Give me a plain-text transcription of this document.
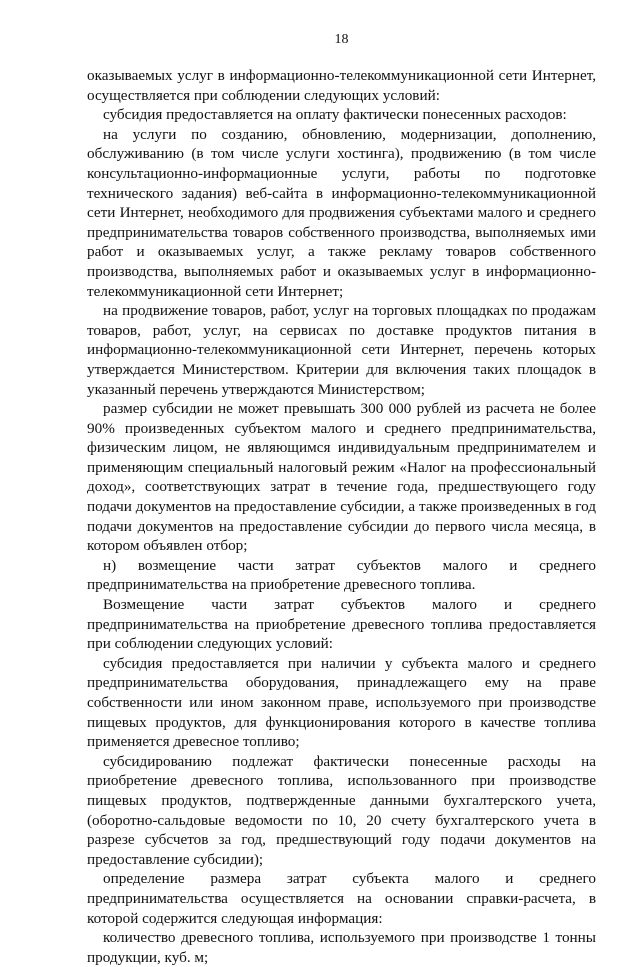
18

оказываемых услуг в информационно-телекоммуникационной сети Интернет, осуществляется при соблюдении следующих условий:

субсидия предоставляется на оплату фактически понесенных расходов:

на услуги по созданию, обновлению, модернизации, дополнению, обслуживанию (в том числе услуги хостинга), продвижению (в том числе консультационно-информационные услуги, работы по подготовке технического задания) веб-сайта в информационно-телекоммуникационной сети Интернет, необходимого для продвижения субъектами малого и среднего предпринимательства товаров собственного производства, выполняемых ими работ и оказываемых услуг, а также рекламу товаров собственного производства, выполняемых работ и оказываемых услуг в информационно-телекоммуникационной сети Интернет;

на продвижение товаров, работ, услуг на торговых площадках по продажам товаров, работ, услуг, на сервисах по доставке продуктов питания в информационно-телекоммуникационной сети Интернет, перечень которых утверждается Министерством. Критерии для включения таких площадок в указанный перечень утверждаются Министерством;

размер субсидии не может превышать 300 000 рублей из расчета не более 90% произведенных субъектом малого и среднего предпринимательства, физическим лицом, не являющимся индивидуальным предпринимателем и применяющим специальный налоговый режим «Налог на профессиональный доход», соответствующих затрат в течение года, предшествующего году подачи документов на предоставление субсидии, а также произведенных в год подачи документов на предоставление субсидии до первого числа месяца, в котором объявлен отбор;

н) возмещение части затрат субъектов малого и среднего предпринимательства на приобретение древесного топлива.

Возмещение части затрат субъектов малого и среднего предпринимательства на приобретение древесного топлива предоставляется при соблюдении следующих условий:

субсидия предоставляется при наличии у субъекта малого и среднего предпринимательства оборудования, принадлежащего ему на праве собственности или ином законном праве, используемого при производстве пищевых продуктов, для функционирования которого в качестве топлива применяется древесное топливо;

субсидированию подлежат фактически понесенные расходы на приобретение древесного топлива, использованного при производстве пищевых продуктов, подтвержденные данными бухгалтерского учета, (оборотно-сальдовые ведомости по 10, 20 счету бухгалтерского учета в разрезе субсчетов за год, предшествующий году подачи документов на предоставление субсидии);

определение размера затрат субъекта малого и среднего предпринимательства осуществляется на основании справки-расчета, в которой содержится следующая информация:

количество древесного топлива, используемого при производстве 1 тонны продукции, куб. м;
